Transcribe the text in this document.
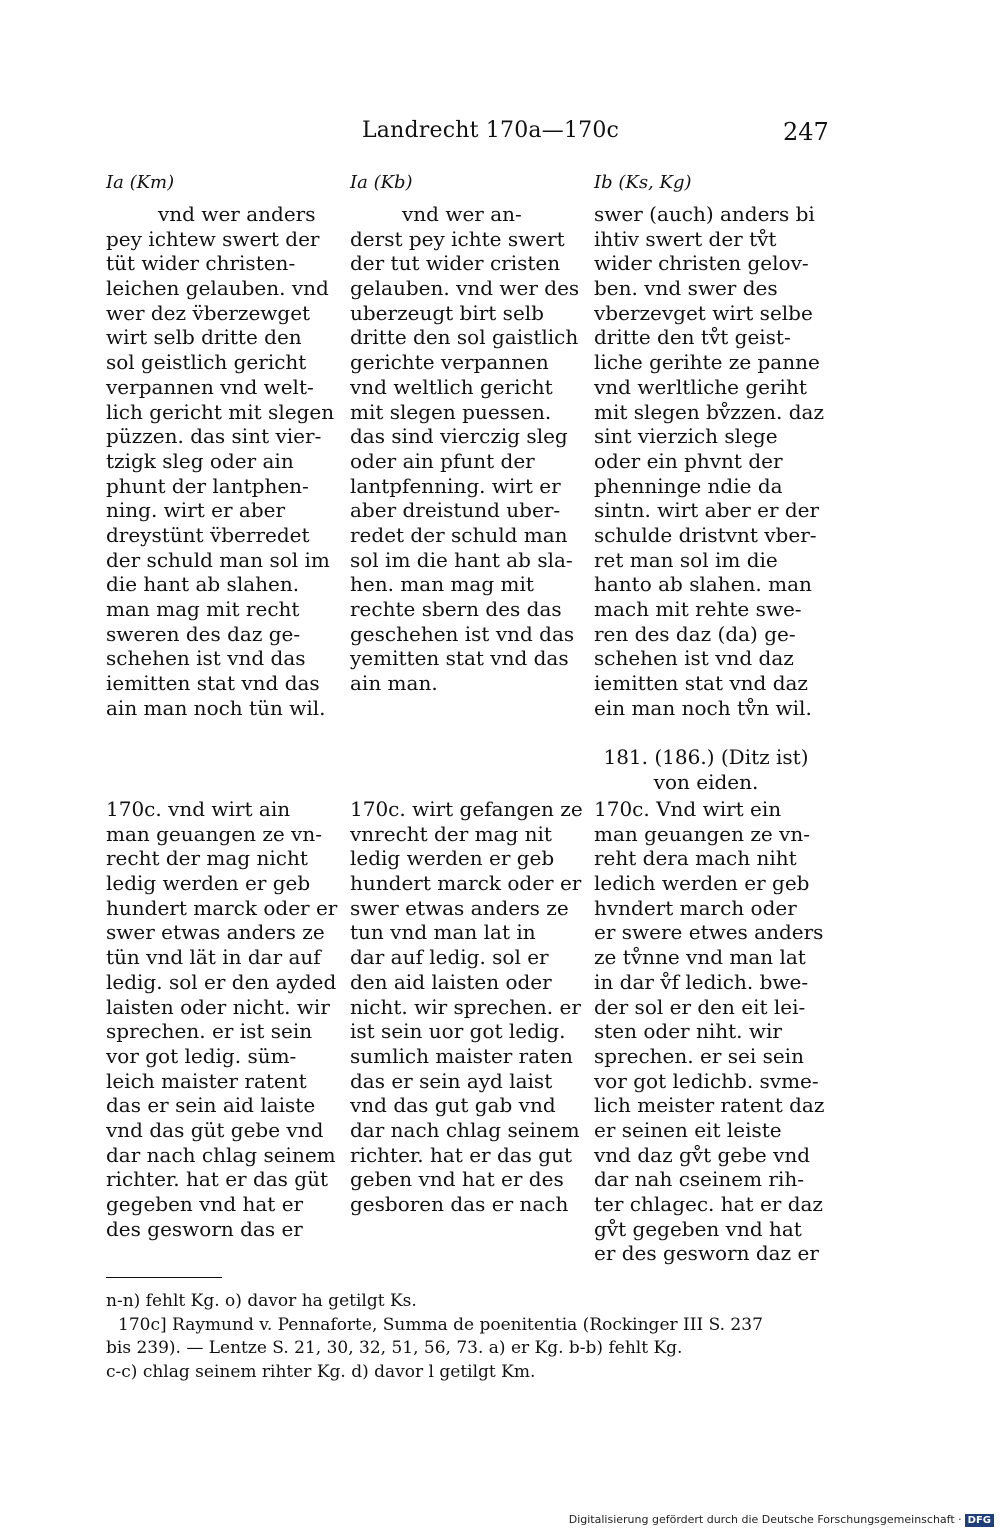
Landrecht 170a—170c	247
Ia (Km)
vnd wer anders
pey ichtew swert der
tüt wider christen-
leichen gelauben. vnd
wer dez v̈berzewget
wirt selb dritte den
sol geistlich gericht
verpannen vnd welt-
lich gericht mit slegen
püzzen. das sint vier-
tzigk sleg oder ain
phunt der lantphen-
ning. wirt er aber
dreystünt v̈berredet
der schuld man sol im
die hant ab slahen.
man mag mit recht
sweren des daz ge-
schehen ist vnd das
iemitten stat vnd das
ain man noch tün wil.
170c. vnd wirt ain
man geuangen ze vn-
recht der mag nicht
ledig werden er geb
hundert marck oder er
swer etwas anders ze
tün vnd lät in dar auf
ledig. sol er den ayded
laisten oder nicht. wir
sprechen. er ist sein
vor got ledig. süm-
leich maister ratent
das er sein aid laiste
vnd das güt gebe vnd
dar nach chlag seinem
richter. hat er das güt
gegeben vnd hat er
des gesworn das er
Ia (Kb)
vnd wer an-
derst pey ichte swert
der tut wider cristen
gelauben. vnd wer des
uberzeugt birt selb
dritte den sol gaistlich
gerichte verpannen
vnd weltlich gericht
mit slegen puessen.
das sind vierczig sleg
oder ain pfunt der
lantpfenning. wirt er
aber dreistund uber-
redet der schuld man
sol im die hant ab sla-
hen. man mag mit
rechte sbern des das
geschehen ist vnd das
yemitten stat vnd das
ain man.
170c. wirt gefangen ze
vnrecht der mag nit
ledig werden er geb
hundert marck oder er
swer etwas anders ze
tun vnd man lat in
dar auf ledig. sol er
den aid laisten oder
nicht. wir sprechen. er
ist sein uor got ledig.
sumlich maister raten
das er sein ayd laist
vnd das gut gab vnd
dar nach chlag seinem
richter. hat er das gut
geben vnd hat er des
gesboren das er nach
Ib (Ks, Kg)
swer (auch) anders bi
ihtiv swert der tv̊t
wider christen gelov-
ben. vnd swer des
vberzevget wirt selbe
dritte den tv̊t geist-
liche gerihte ze panne
vnd werltliche geriht
mit slegen bv̊zzen. daz
sint vierzich slege
oder ein phvnt der
phenninge ndie da
sintn. wirt aber er der
schulde dristvnt vber-
ret man sol im die
hanto ab slahen. man
mach mit rehte swe-
ren des daz (da) ge-
schehen ist vnd daz
iemitten stat vnd daz
ein man noch tv̊n wil.
181. (186.) (Ditz ist)
von eiden.
170c. Vnd wirt ein
man geuangen ze vn-
reht dera mach niht
ledich werden er geb
hvndert march oder
er swere etwes anders
ze tv̊nne vnd man lat
in dar v̊f ledich. bwe-
der sol er den eit lei-
sten oder niht. wir
sprechen. er sei sein
vor got ledichb. svme-
lich meister ratent daz
er seinen eit leiste
vnd daz gv̊t gebe vnd
dar nah cseinem rih-
ter chlagec. hat er daz
gv̊t gegeben vnd hat
er des gesworn daz er
n-n) fehlt Kg. o) davor ha getilgt Ks.
170c] Raymund v. Pennaforte, Summa de poenitentia (Rockinger III S. 237
bis 239). — Lentze S. 21, 30, 32, 51, 56, 73. a) er Kg. b-b) fehlt Kg.
c-c) chlag seinem rihter Kg. d) davor l getilgt Km.
Digitalisierung gefördert durch die Deutsche Forschungsgemeinschaft · DFG
